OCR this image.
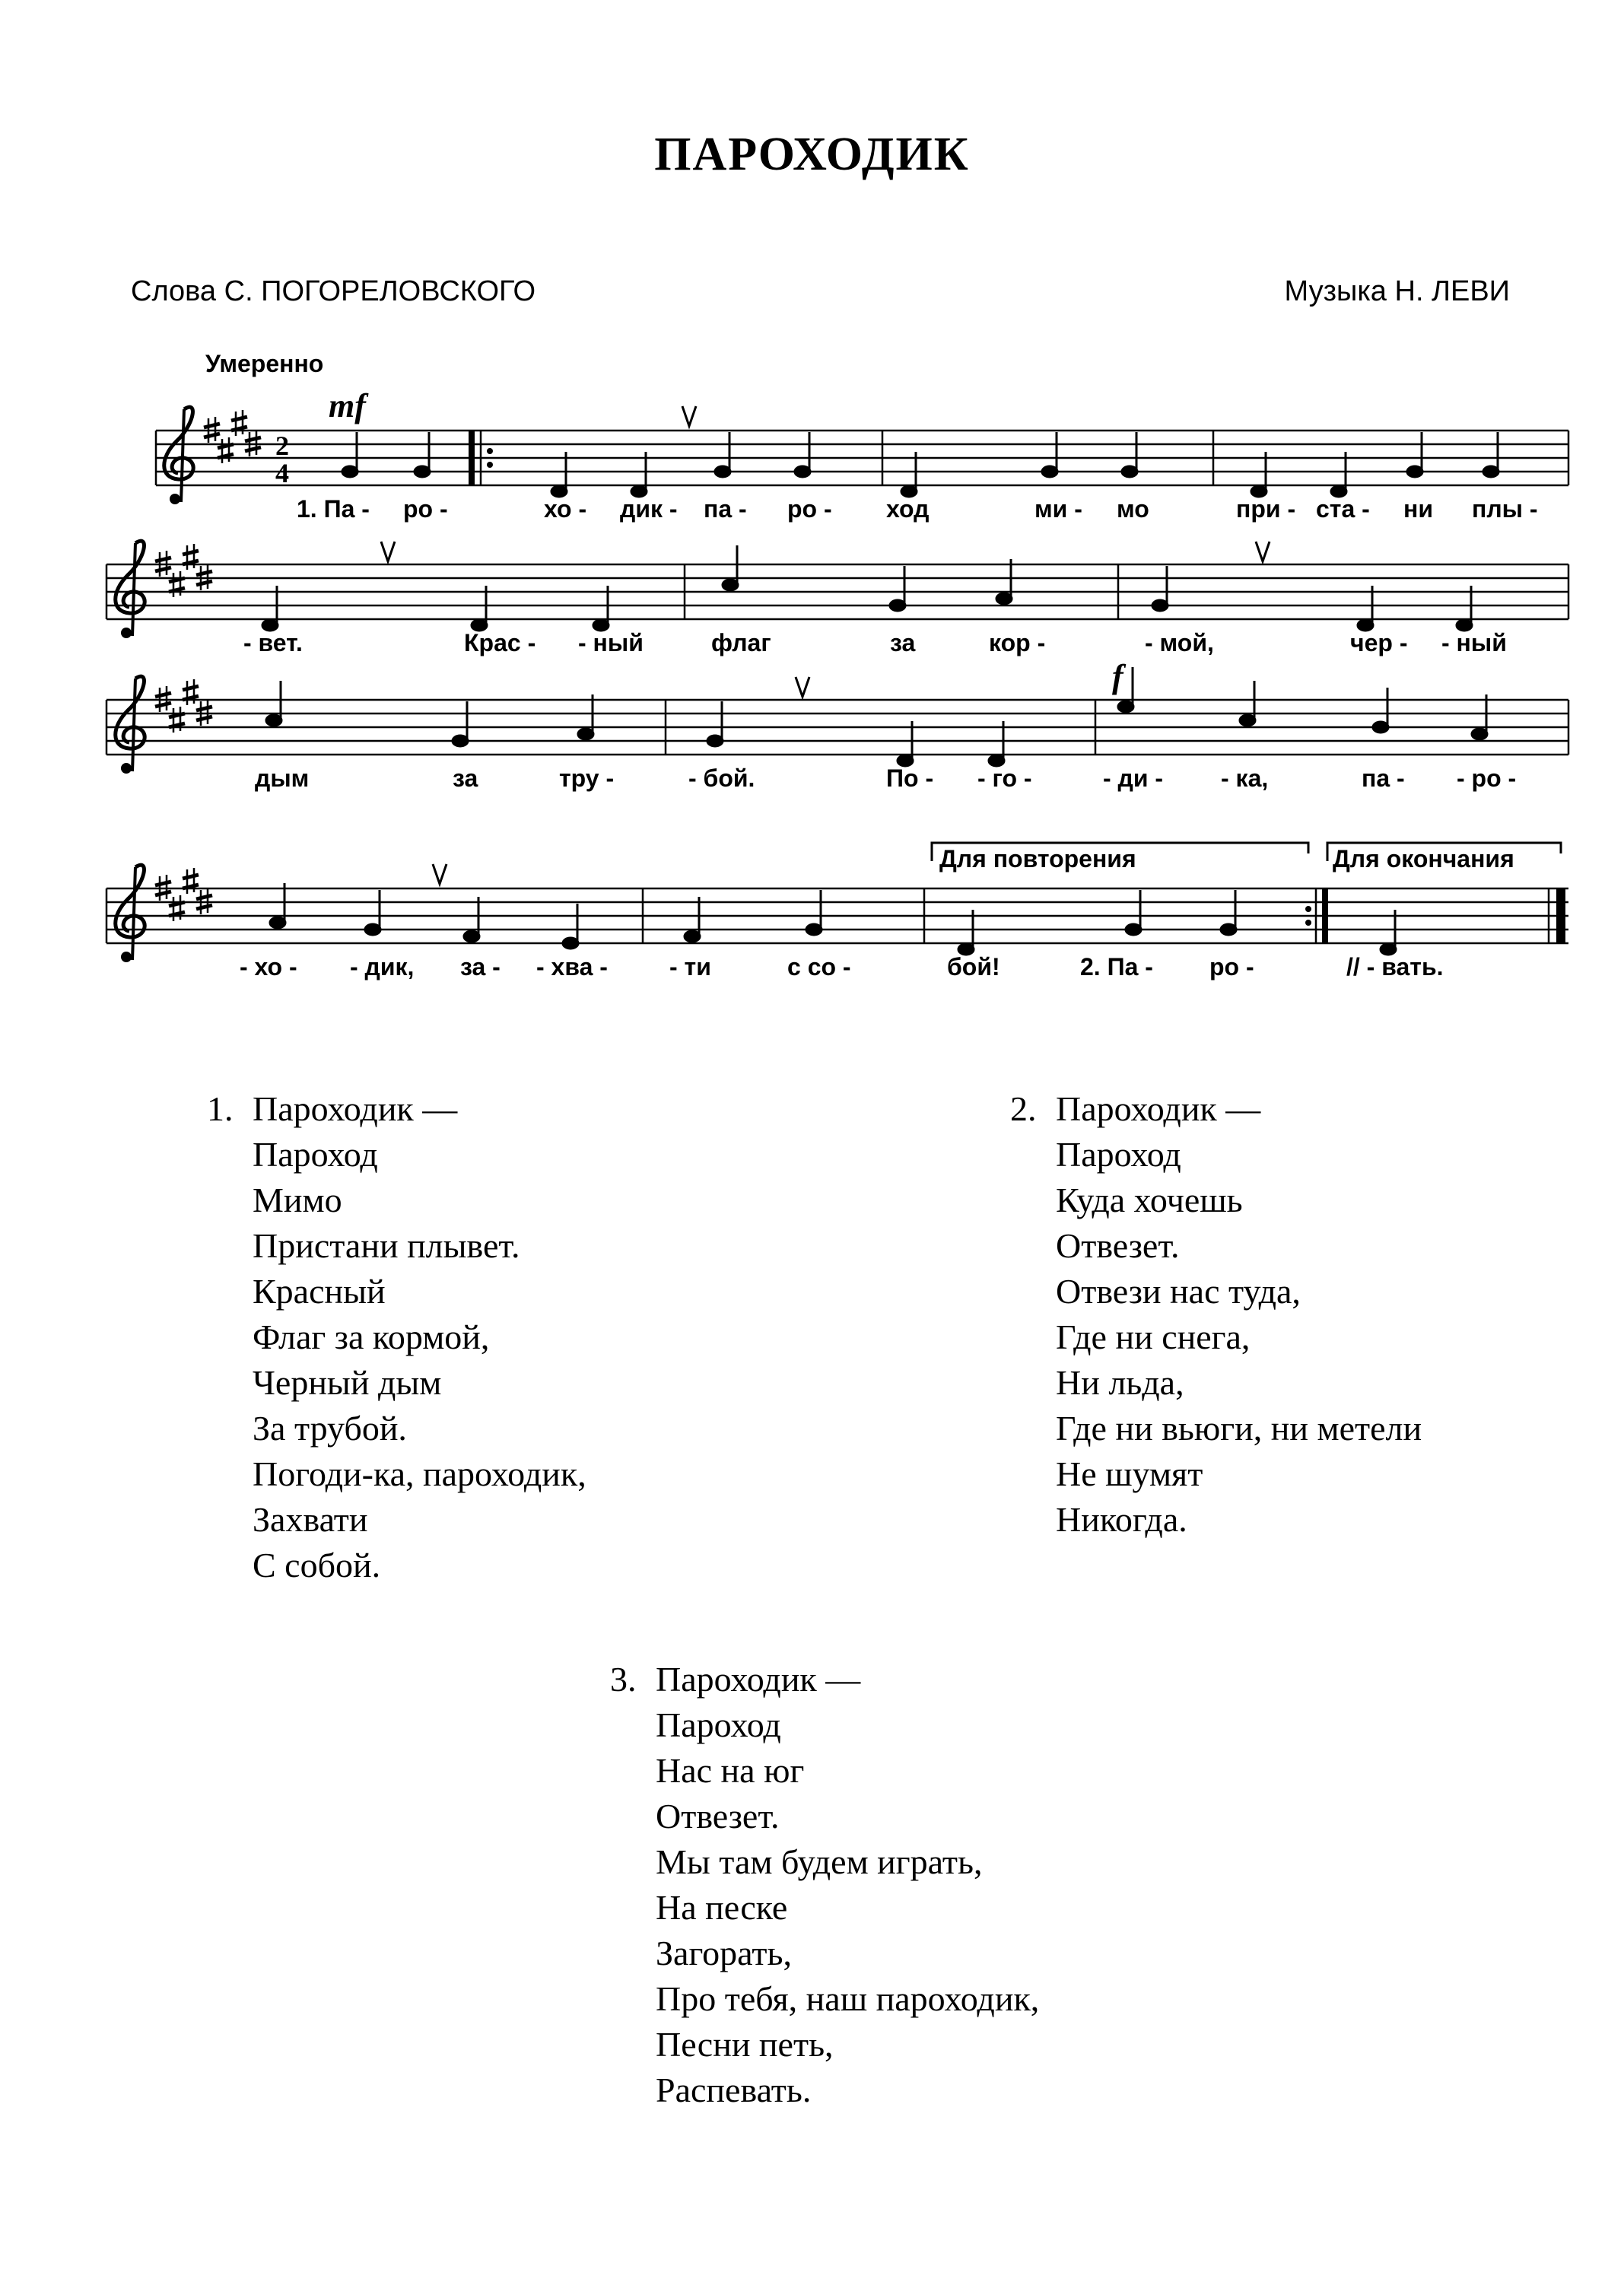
ПАРОХОДИК
Слова С. ПОГОРЕЛОВСКОГО	Музыка Н. ЛЕВИ
Умеренно
2
4
mf
1. Па - ро -	хо - дик - па - ро - ход	ми - мо	при - ста - ни плы -
- вет.	Крас - - ный	флаг	за	кор -	- мой,	чер - - ный
f
дым	за	тру -	- бой.	По - - го -	- ди - - ка,	па - - ро -
Для повторения	Для окончания
- хо - - дик, за - - хва -	- ти	с со -	бой!	2. Па - ро -	// - вать.
1. Пароходик —
Пароход
Мимо
Пристани плывет.
Красный
Флаг за кормой,
Черный дым
За трубой.
Погоди-ка, пароходик,
Захвати
С собой.
2. Пароходик —
Пароход
Куда хочешь
Отвезет.
Отвези нас туда,
Где ни снега,
Ни льда,
Где ни вьюги, ни метели
Не шумят
Никогда.
3. Пароходик —
Пароход
Нас на юг
Отвезет.
Мы там будем играть,
На песке
Загорать,
Про тебя, наш пароходик,
Песни петь,
Распевать.
